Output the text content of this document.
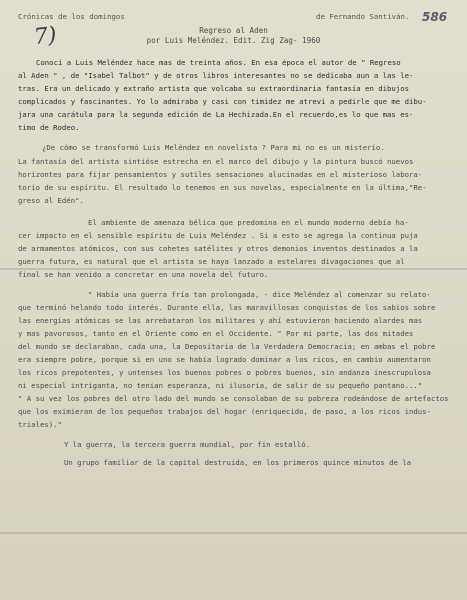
Crónicas de los domingos	de Fernando Santiván. 586
7)	Regreso al Aden
por Luis Meléndez. Edit. Zig Zag- 1960
Conocí a Luis Meléndez hace mas de treinta años. En esa época el autor de " Regreso
al Aden " , de "Isabel Talbot" y de otros libros interesantes no se dedicaba aun a las le-
tras. Era un delicado y extraño artista que volcaba su extraordinaria fantasía en dibujos
complicados y fascinantes. Yo lo admiraba y casi con timidez me atreví a pedirle que me dibu-
jara una carátula para la segunda edición de La Hechizada.En el recuerdo,es lo que mas es-
timo de Rodeo.
¿De cómo se transformó Luis Meléndez en novelista ? Para mi no es un misterio.
La fantasía del artista sintióse estrecha en el marco del dibujo y la pintura buscó nuevos
horizontes para fijar pensamientos y sutiles sensaciones alucinadas en el misterioso labora-
torio de su espíritu. El resultado lo tenemos en sus novelas, especialmente en la última,"Re-
greso al Edén".
El ambiente de amenaza bélica que predomina en el mundo moderno debía ha-
cer impacto en el sensible espíritu de Luis Meléndez . Si a esto se agrega la continua puja
de armamentos atómicos, con sus cohetes satélites y otros demonios inventos destinados a la
guerra futura, es natural que el artista se haya lanzado a estelares divagaciones que al
final se han venido a concretar en una novela del futuro.
" Había una guerra fría tan prolongada, - dice Meléndez al comenzar su relato-
que terminó helando todo interés. Durante ella, las maravillosas conquistas de los sabios sobre
las energías atómicas se las arrebataron los militares y ahí estuvieron haciendo alardes mas
y mas pavorosos, tanto en el Oriente como en el Occidente. " Por mi parte, las dos mitades
del mundo se declaraban, cada una, la Depositaria de la Verdadera Democracia; en ambas el pobre
era siempre pobre, porque si en uno se había logrado dominar a los ricos, en cambio aumentaron
los ricos prepotentes, y untenses los buenos pobres o pobres buenos, sin andanza inescrupulosa
ni especial intriganta, no tenían esperanza, ni ilusoria, de salir de su pequeño pantano..."
" A su vez los pobres del otro lado del mundo se consolaban de su pobreza rodeándose de artefactos
que los eximieran de los pequeños trabajos del hogar (enriquecido, de paso, a los ricos indus-
triales)."
Y la guerra, la tercera guerra mundial, por fin estalló.
Un grupo familiar de la capital destruida, en los primeros quince minutos de la
